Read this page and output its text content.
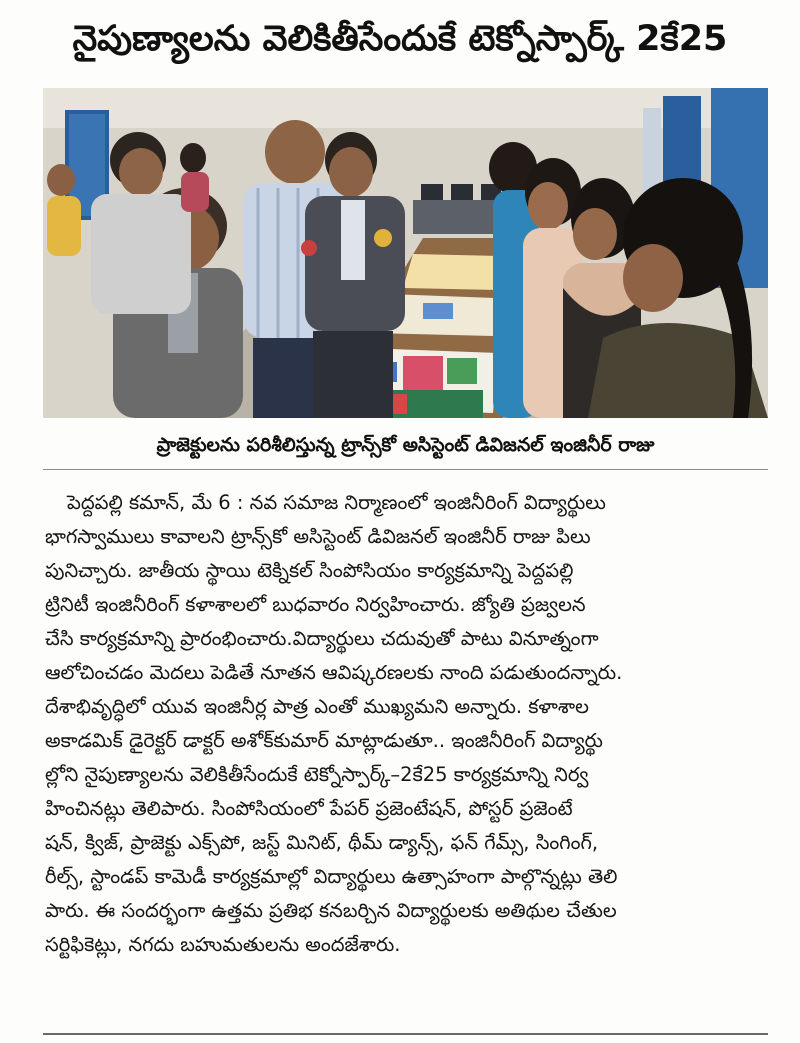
నైపుణ్యాలను వెలికితీసేందుకే టెక్నోస్పార్క్ 2కే25
ప్రాజెక్టులను పరిశీలిస్తున్న ట్రాన్స్‌కో అసిస్టెంట్ డివిజనల్ ఇంజినీర్ రాజు
పెద్దపల్లి కమాన్, మే 6 : నవ సమాజ నిర్మాణంలో ఇంజినీరింగ్ విద్యార్థులు
భాగస్వాములు కావాలని ట్రాన్స్‌కో అసిస్టెంట్ డివిజనల్ ఇంజినీర్ రాజు పిలు
పునిచ్చారు. జాతీయ స్థాయి టెక్నికల్ సింపోసియం కార్యక్రమాన్ని పెద్దపల్లి
ట్రినిటీ ఇంజినీరింగ్ కళాశాలలో బుధవారం నిర్వహించారు. జ్యోతి ప్రజ్వలన
చేసి కార్యక్రమాన్ని ప్రారంభించారు.విద్యార్థులు చదువుతో పాటు వినూత్నంగా
ఆలోచించడం మెదలు పెడితే నూతన ఆవిష్కరణలకు నాంది పడుతుందన్నారు.
దేశాభివృద్ధిలో యువ ఇంజినీర్ల పాత్ర ఎంతో ముఖ్యమని అన్నారు. కళాశాల
అకాడమిక్ డైరెక్టర్ డాక్టర్ అశోక్‌కుమార్ మాట్లాడుతూ.. ఇంజినీరింగ్ విద్యార్థు
ల్లోని నైపుణ్యాలను వెలికితీసేందుకే టెక్నోస్పార్క్–2కే25 కార్యక్రమాన్ని నిర్వ
హించినట్లు తెలిపారు. సింపోసియంలో పేపర్ ప్రజెంటేషన్, పోస్టర్ ప్రజెంటే
షన్, క్విజ్, ప్రాజెక్టు ఎక్స్‌పో, జస్ట్ మినిట్, థీమ్ డ్యాన్స్, ఫన్ గేమ్స్, సింగింగ్,
రీల్స్, స్టాండప్ కామెడీ కార్యక్రమాల్లో విద్యార్థులు ఉత్సాహంగా పాల్గొన్నట్లు తెలి
పారు. ఈ సందర్భంగా ఉత్తమ ప్రతిభ కనబర్చిన విద్యార్థులకు అతిథుల చేతుల
సర్టిఫికెట్లు, నగదు బహుమతులను అందజేశారు.
